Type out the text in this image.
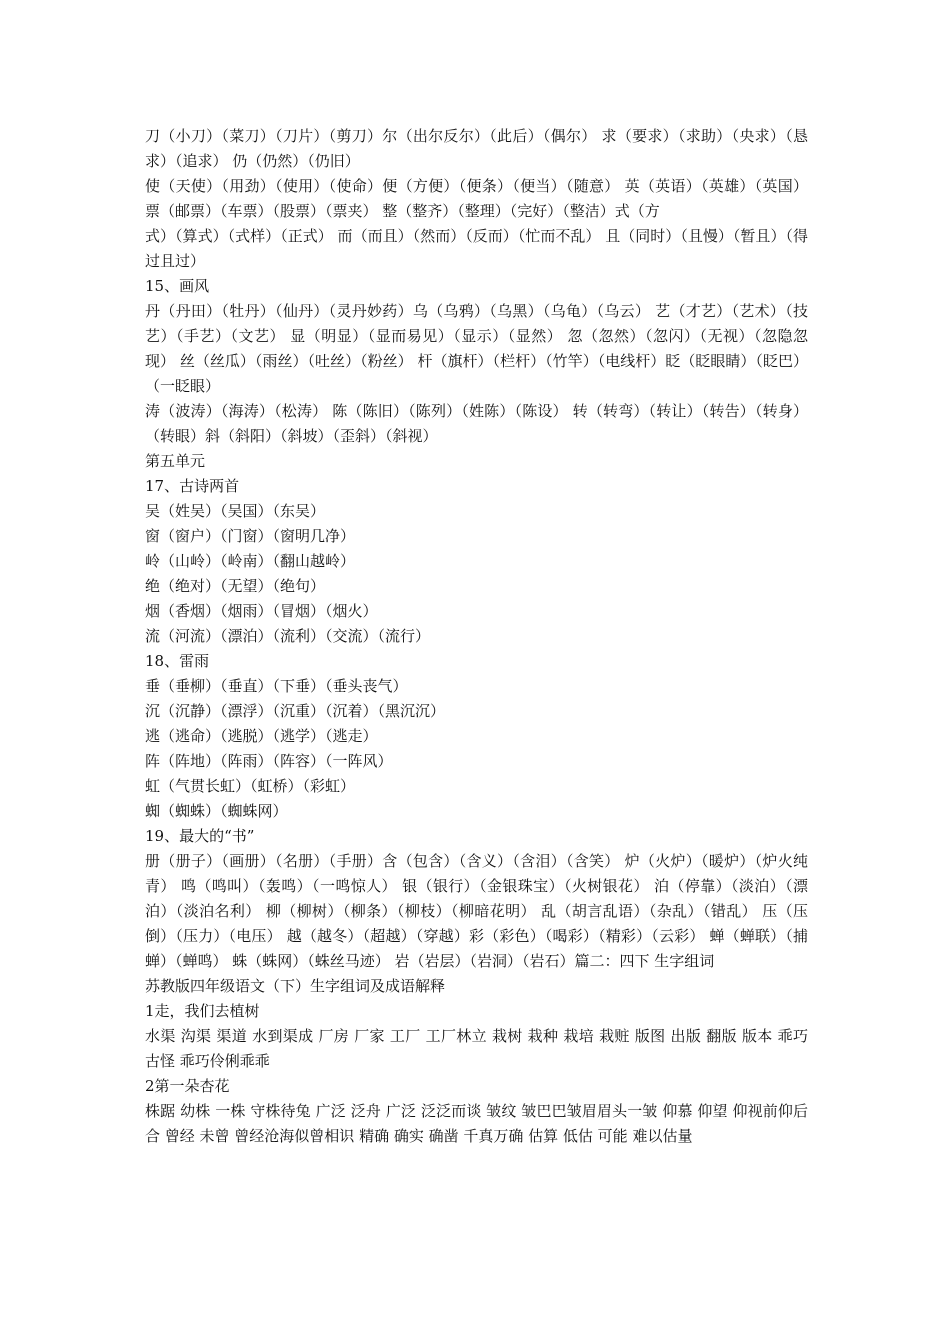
刀（小刀）（菜刀）（刀片）（剪刀）尔（出尔反尔）（此后）（偶尔） 求（要求）（求助）（央求）（恳求）（追求） 仍（仍然）（仍旧）

使（天使）（用劲）（使用）（使命）便（方便）（便条）（便当）（随意） 英（英语）（英雄）（英国） 票（邮票）（车票）（股票）（票夹） 整（整齐）（整理）（完好）（整洁）式（方

式）（算式）（式样）（正式） 而（而且）（然而）（反而）（忙而不乱） 且（同时）（且慢）（暂且）（得过且过）

15、画风

丹（丹田）（牡丹）（仙丹）（灵丹妙药）乌（乌鸦）（乌黑）（乌龟）（乌云） 艺（才艺）（艺术）（技艺）（手艺）（文艺） 显（明显）（显而易见）（显示）（显然） 忽（忽然）（忽闪）（无视）（忽隐忽现） 丝（丝瓜）（雨丝）（吐丝）（粉丝） 杆（旗杆）（栏杆）（竹竿）（电线杆）眨（眨眼睛）（眨巴）（一眨眼）

涛（波涛）（海涛）（松涛） 陈（陈旧）（陈列）（姓陈）（陈设） 转（转弯）（转让）（转告）（转身）（转眼）斜（斜阳）（斜坡）（歪斜）（斜视）

第五单元

17、古诗两首

吴（姓吴）（吴国）（东吴）

窗（窗户）（门窗）（窗明几净）

岭（山岭）（岭南）（翻山越岭）

绝（绝对）（无望）（绝句）

烟（香烟）（烟雨）（冒烟）（烟火）

流（河流）（漂泊）（流利）（交流）（流行）

18、雷雨

垂（垂柳）（垂直）（下垂）（垂头丧气）

沉（沉静）（漂浮）（沉重）（沉着）（黑沉沉）

逃（逃命）（逃脱）（逃学）（逃走）

阵（阵地）（阵雨）（阵容）（一阵风）

虹（气贯长虹）（虹桥）（彩虹）

蜘（蜘蛛）（蜘蛛网）

19、最大的“书”

册（册子）（画册）（名册）（手册）含（包含）（含义）（含泪）（含笑） 炉（火炉）（暖炉）（炉火纯青） 鸣（鸣叫）（轰鸣）（一鸣惊人） 银（银行）（金银珠宝）（火树银花） 泊（停靠）（淡泊）（漂泊）（淡泊名利） 柳（柳树）（柳条）（柳枝）（柳暗花明） 乱（胡言乱语）（杂乱）（错乱） 压（压倒）（压力）（电压） 越（越冬）（超越）（穿越）彩（彩色）（喝彩）（精彩）（云彩） 蝉（蝉联）（捕蝉）（蝉鸣） 蛛（蛛网）（蛛丝马迹） 岩（岩层）（岩洞）（岩石）篇二：四下 生字组词

苏教版四年级语文（下）生字组词及成语解释

1走，我们去植树

水渠 沟渠 渠道 水到渠成 厂房 厂家 工厂 工厂林立 栽树 栽种 栽培 栽赃 版图 出版 翻版 版本 乖巧 古怪 乖巧伶俐乖乖

2第一朵杏花

株踞 幼株 一株 守株待兔 广泛 泛舟 广泛 泛泛而谈 皱纹 皱巴巴皱眉眉头一皱 仰慕 仰望 仰视前仰后合 曾经 未曾 曾经沧海似曾相识 精确 确实 确凿 千真万确 估算 低估 可能 难以估量
